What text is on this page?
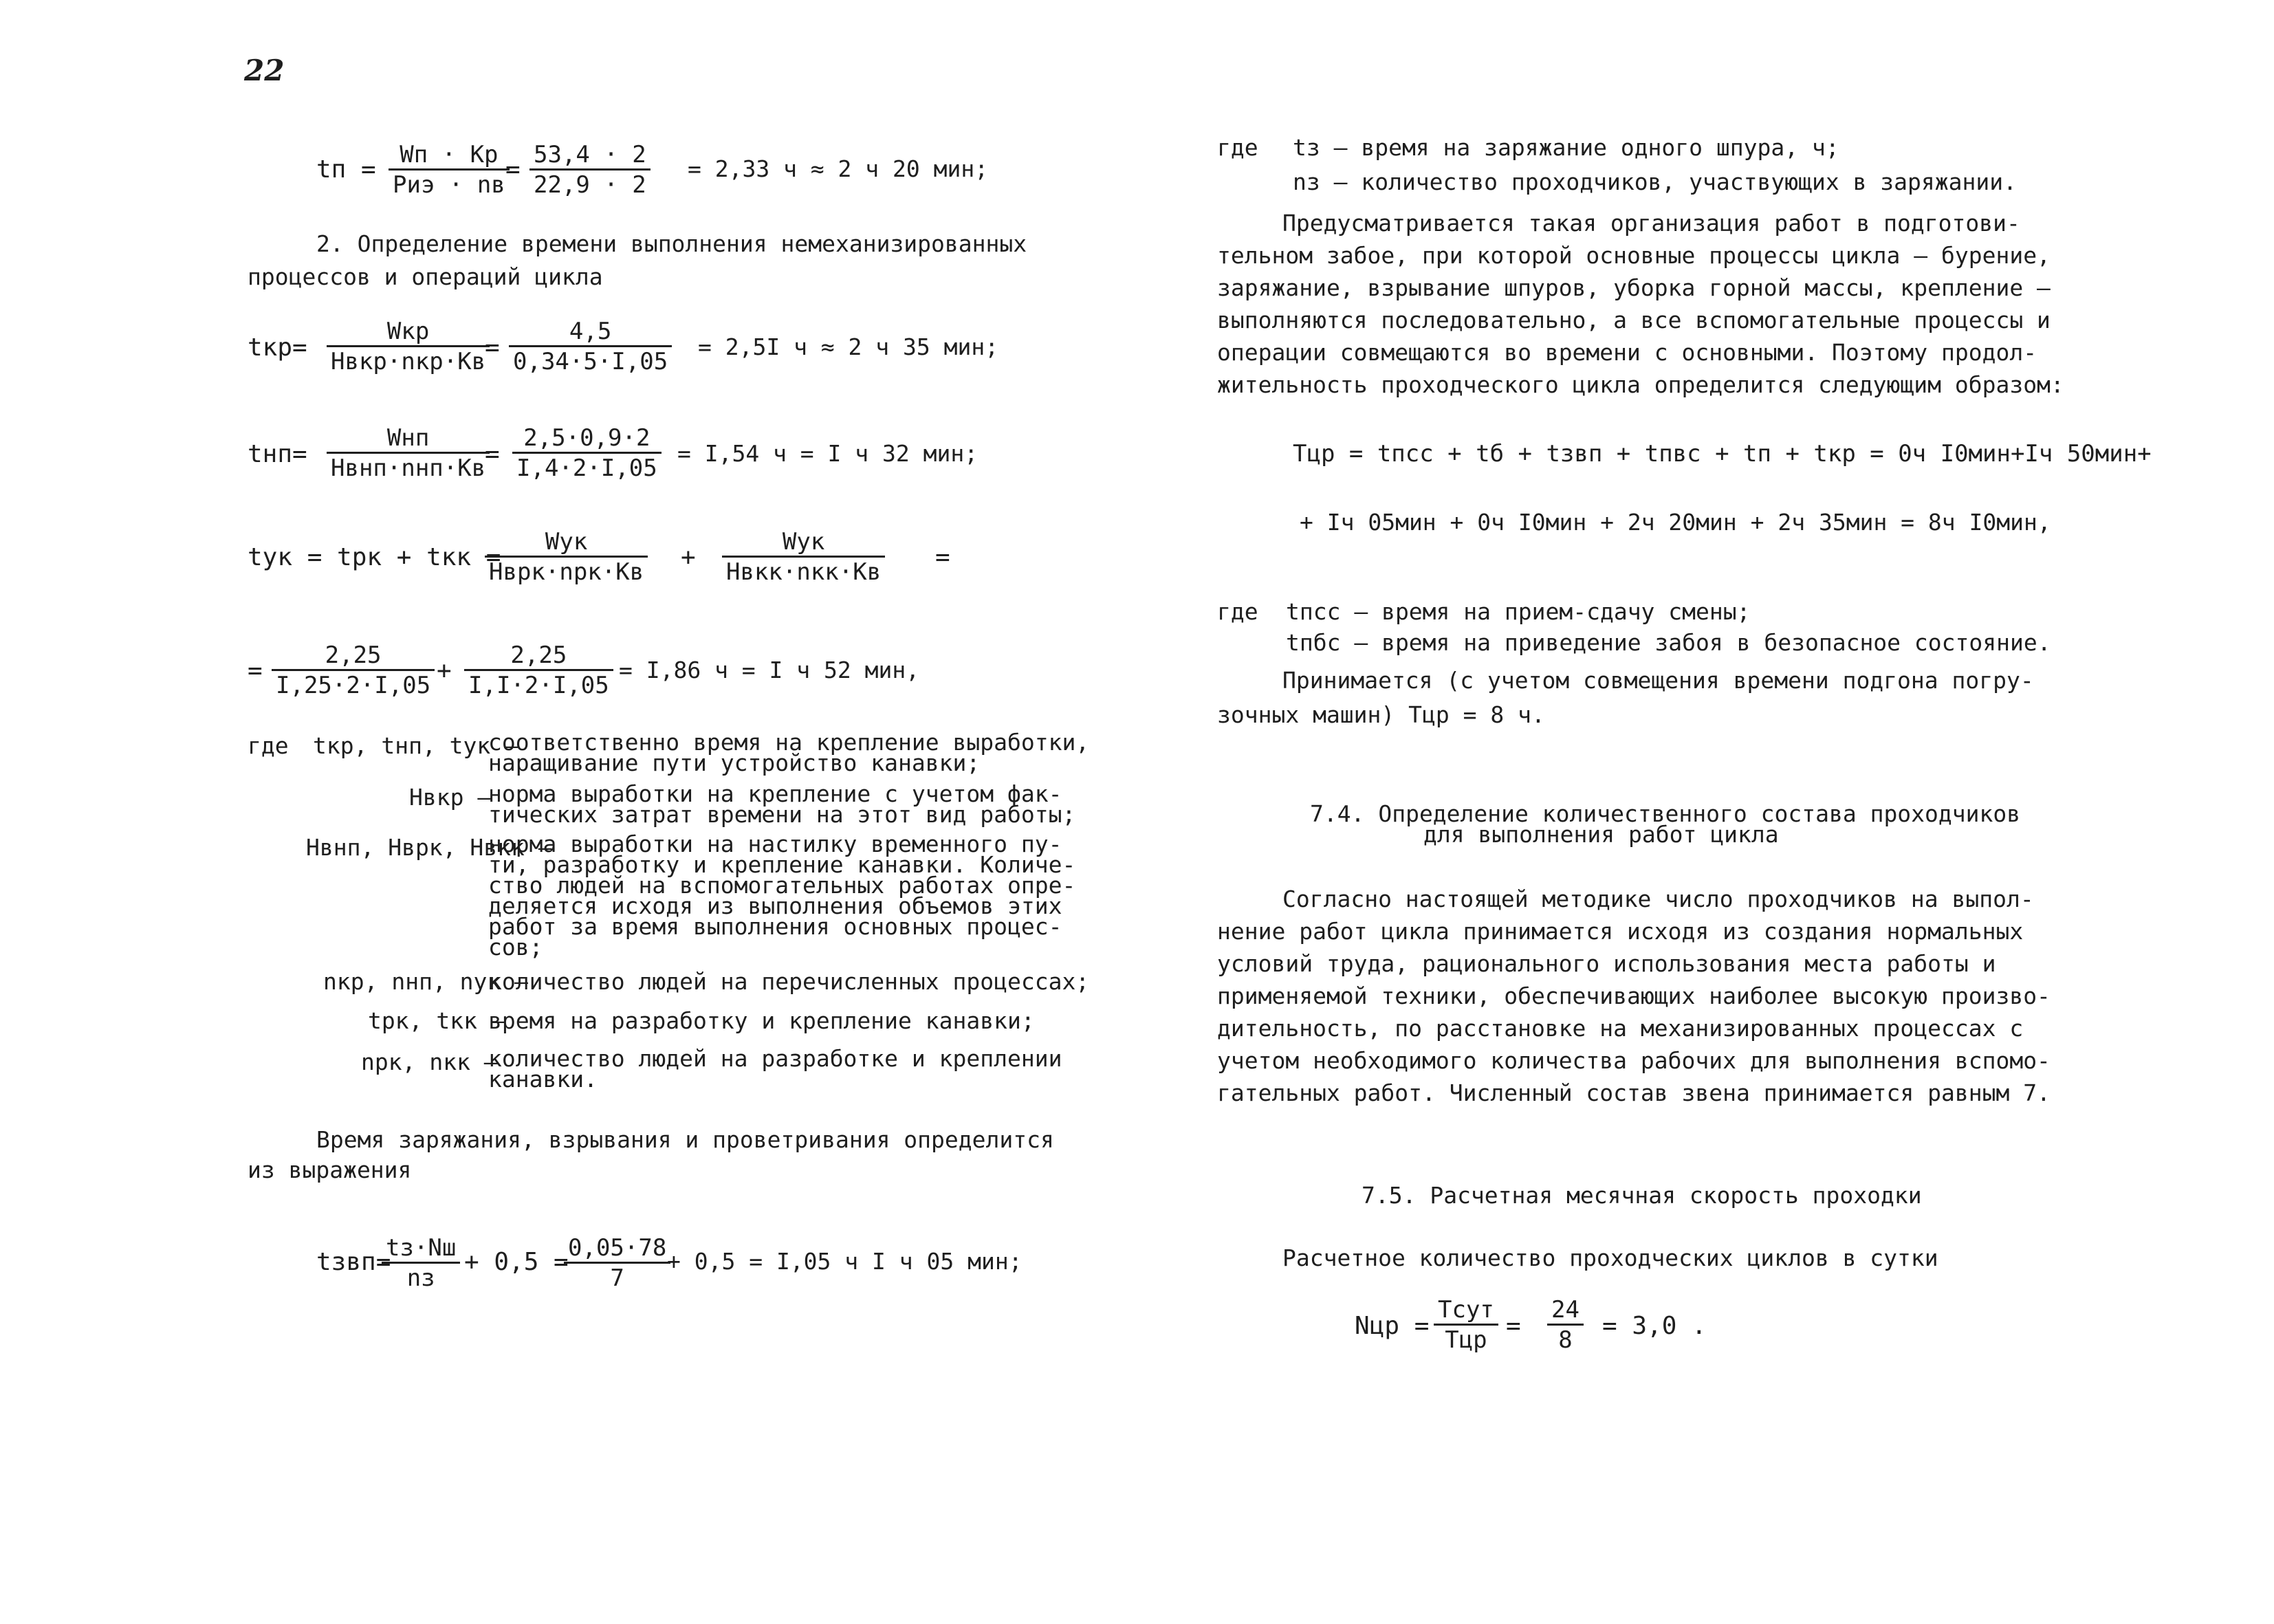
22
tп =
Wп · Kр
Pиэ · nв
=
53,4 · 2
22,9 · 2
= 2,33 ч ≈ 2 ч 20 мин;
2. Определение времени выполнения немеханизированных
процессов и операций цикла
tкр=
Wкр
Hвкр·nкр·Kв
=
4,5
0,34·5·I,05
= 2,5I ч ≈ 2 ч 35 мин;
tнп=
Wнп
Hвнп·nнп·Kв
=
2,5·0,9·2
I,4·2·I,05
= I,54 ч = I ч 32 мин;
tук = tрк + tкк =
Wук
Hврк·nрк·Kв
+
Wук
Hвкк·nкк·Kв
=
=
2,25
I,25·2·I,05
+
2,25
I,I·2·I,05
= I,86 ч = I ч 52 мин,
где tкр, tнп, tук –
соответственно время на крепление выработки,
наращивание пути устройство канавки;
Hвкр –
норма выработки на крепление с учетом фак-
тических затрат времени на этот вид работы;
Hвнп, Hврк, Hвкк –
норма выработки на настилку временного пу-
ти, разработку и крепление канавки. Количе-
ство людей на вспомогательных работах опре-
деляется исходя из выполнения объемов этих
работ за время выполнения основных процес-
сов;
nкр, nнп, nук –
количество людей на перечисленных процессах;
tрк, tкк –
время на разработку и крепление канавки;
nрк, nкк –
количество людей на разработке и креплении
канавки.
Время заряжания, взрывания и проветривания определится
из выражения
tзвп=
tз·Nш
nз
+ 0,5 = 0,05·78
7
+ 0,5 = I,05 ч I ч 05 мин;
где tз – время на заряжание одного шпура, ч;
nз – количество проходчиков, участвующих в заряжании.
Предусматривается такая организация работ в подготови-
тельном забое, при которой основные процессы цикла – бурение,
заряжание, взрывание шпуров, уборка горной массы, крепление –
выполняются последовательно, а все вспомогательные процессы и
операции совмещаются во времени с основными. Поэтому продол-
жительность проходческого цикла определится следующим образом:
Tцр = tпсс + tб + tзвп + tпвс + tп + tкр = 0ч I0мин+Iч 50мин+
+ Iч 05мин + 0ч I0мин + 2ч 20мин + 2ч 35мин = 8ч I0мин,
где tпсс – время на прием-сдачу смены;
tпбс – время на приведение забоя в безопасное состояние.
Принимается (с учетом совмещения времени подгона погру-
зочных машин) Tцр = 8 ч.
7.4. Определение количественного состава проходчиков
для выполнения работ цикла
Согласно настоящей методике число проходчиков на выпол-
нение работ цикла принимается исходя из создания нормальных
условий труда, рационального использования места работы и
применяемой техники, обеспечивающих наиболее высокую произво-
дительность, по расстановке на механизированных процессах с
учетом необходимого количества рабочих для выполнения вспомо-
гательных работ. Численный состав звена принимается равным 7.
7.5. Расчетная месячная скорость проходки
Расчетное количество проходческих циклов в сутки
Nцр =
Tсут
Tцр =
24
8	= 3,0 .
